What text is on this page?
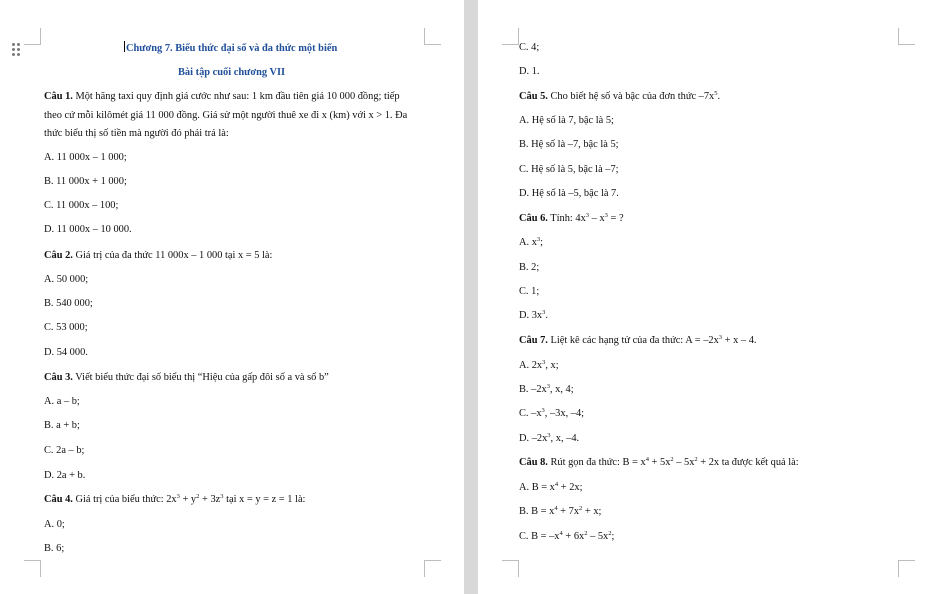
Chương 7. Biểu thức đại số và đa thức một biến
Bài tập cuối chương VII
Câu 1. Một hãng taxi quy định giá cước như sau: 1 km đầu tiên giá 10 000 đồng; tiếp
theo cứ mỗi kilômét giá 11 000 đồng. Giá sử một người thuê xe đi x (km) với x > 1. Đa
thức biểu thị số tiền mà người đó phải trả là:
A. 11 000x – 1 000;
B. 11 000x + 1 000;
C. 11 000x – 100;
D. 11 000x – 10 000.
Câu 2. Giá trị của đa thức 11 000x – 1 000 tại x = 5 là:
A. 50 000;
B. 540 000;
C. 53 000;
D. 54 000.
Câu 3. Viết biểu thức đại số biểu thị “Hiệu của gấp đôi số a và số b”
A. a – b;
B. a + b;
C. 2a – b;
D. 2a + b.
Câu 4. Giá trị của biểu thức: $2x^3 + y^2 + 3z^3$ tại x = y = z = 1 là:
A. 0;
B. 6;
C. 4;
D. 1.
Câu 5. Cho biết hệ số và bậc của đơn thức $-7x^5$.
A. Hệ số là 7, bậc là 5;
B. Hệ số là –7, bậc là 5;
C. Hệ số là 5, bậc là –7;
D. Hệ số là –5, bậc là 7.
Câu 6. Tính: $4x^3 - x^3$ = ?
A. $x^3$;
B. 2;
C. 1;
D. $3x^3$.
Câu 7. Liệt kê các hạng tử của đa thức: $A = -2x^3 + x - 4$.
A. $2x^3$, x;
B. $-2x^3$, x, 4;
C. $-x^3$, –3x, –4;
D. $-2x^3$, x, –4.
Câu 8. Rút gọn đa thức: $B = x^4 + 5x^2 - 5x^2 + 2x$ ta được kết quả là:
A. $B = x^4 + 2x$;
B. $B = x^4 + 7x^2 + x$;
C. $B = -x^4 + 6x^2 - 5x^2$;
